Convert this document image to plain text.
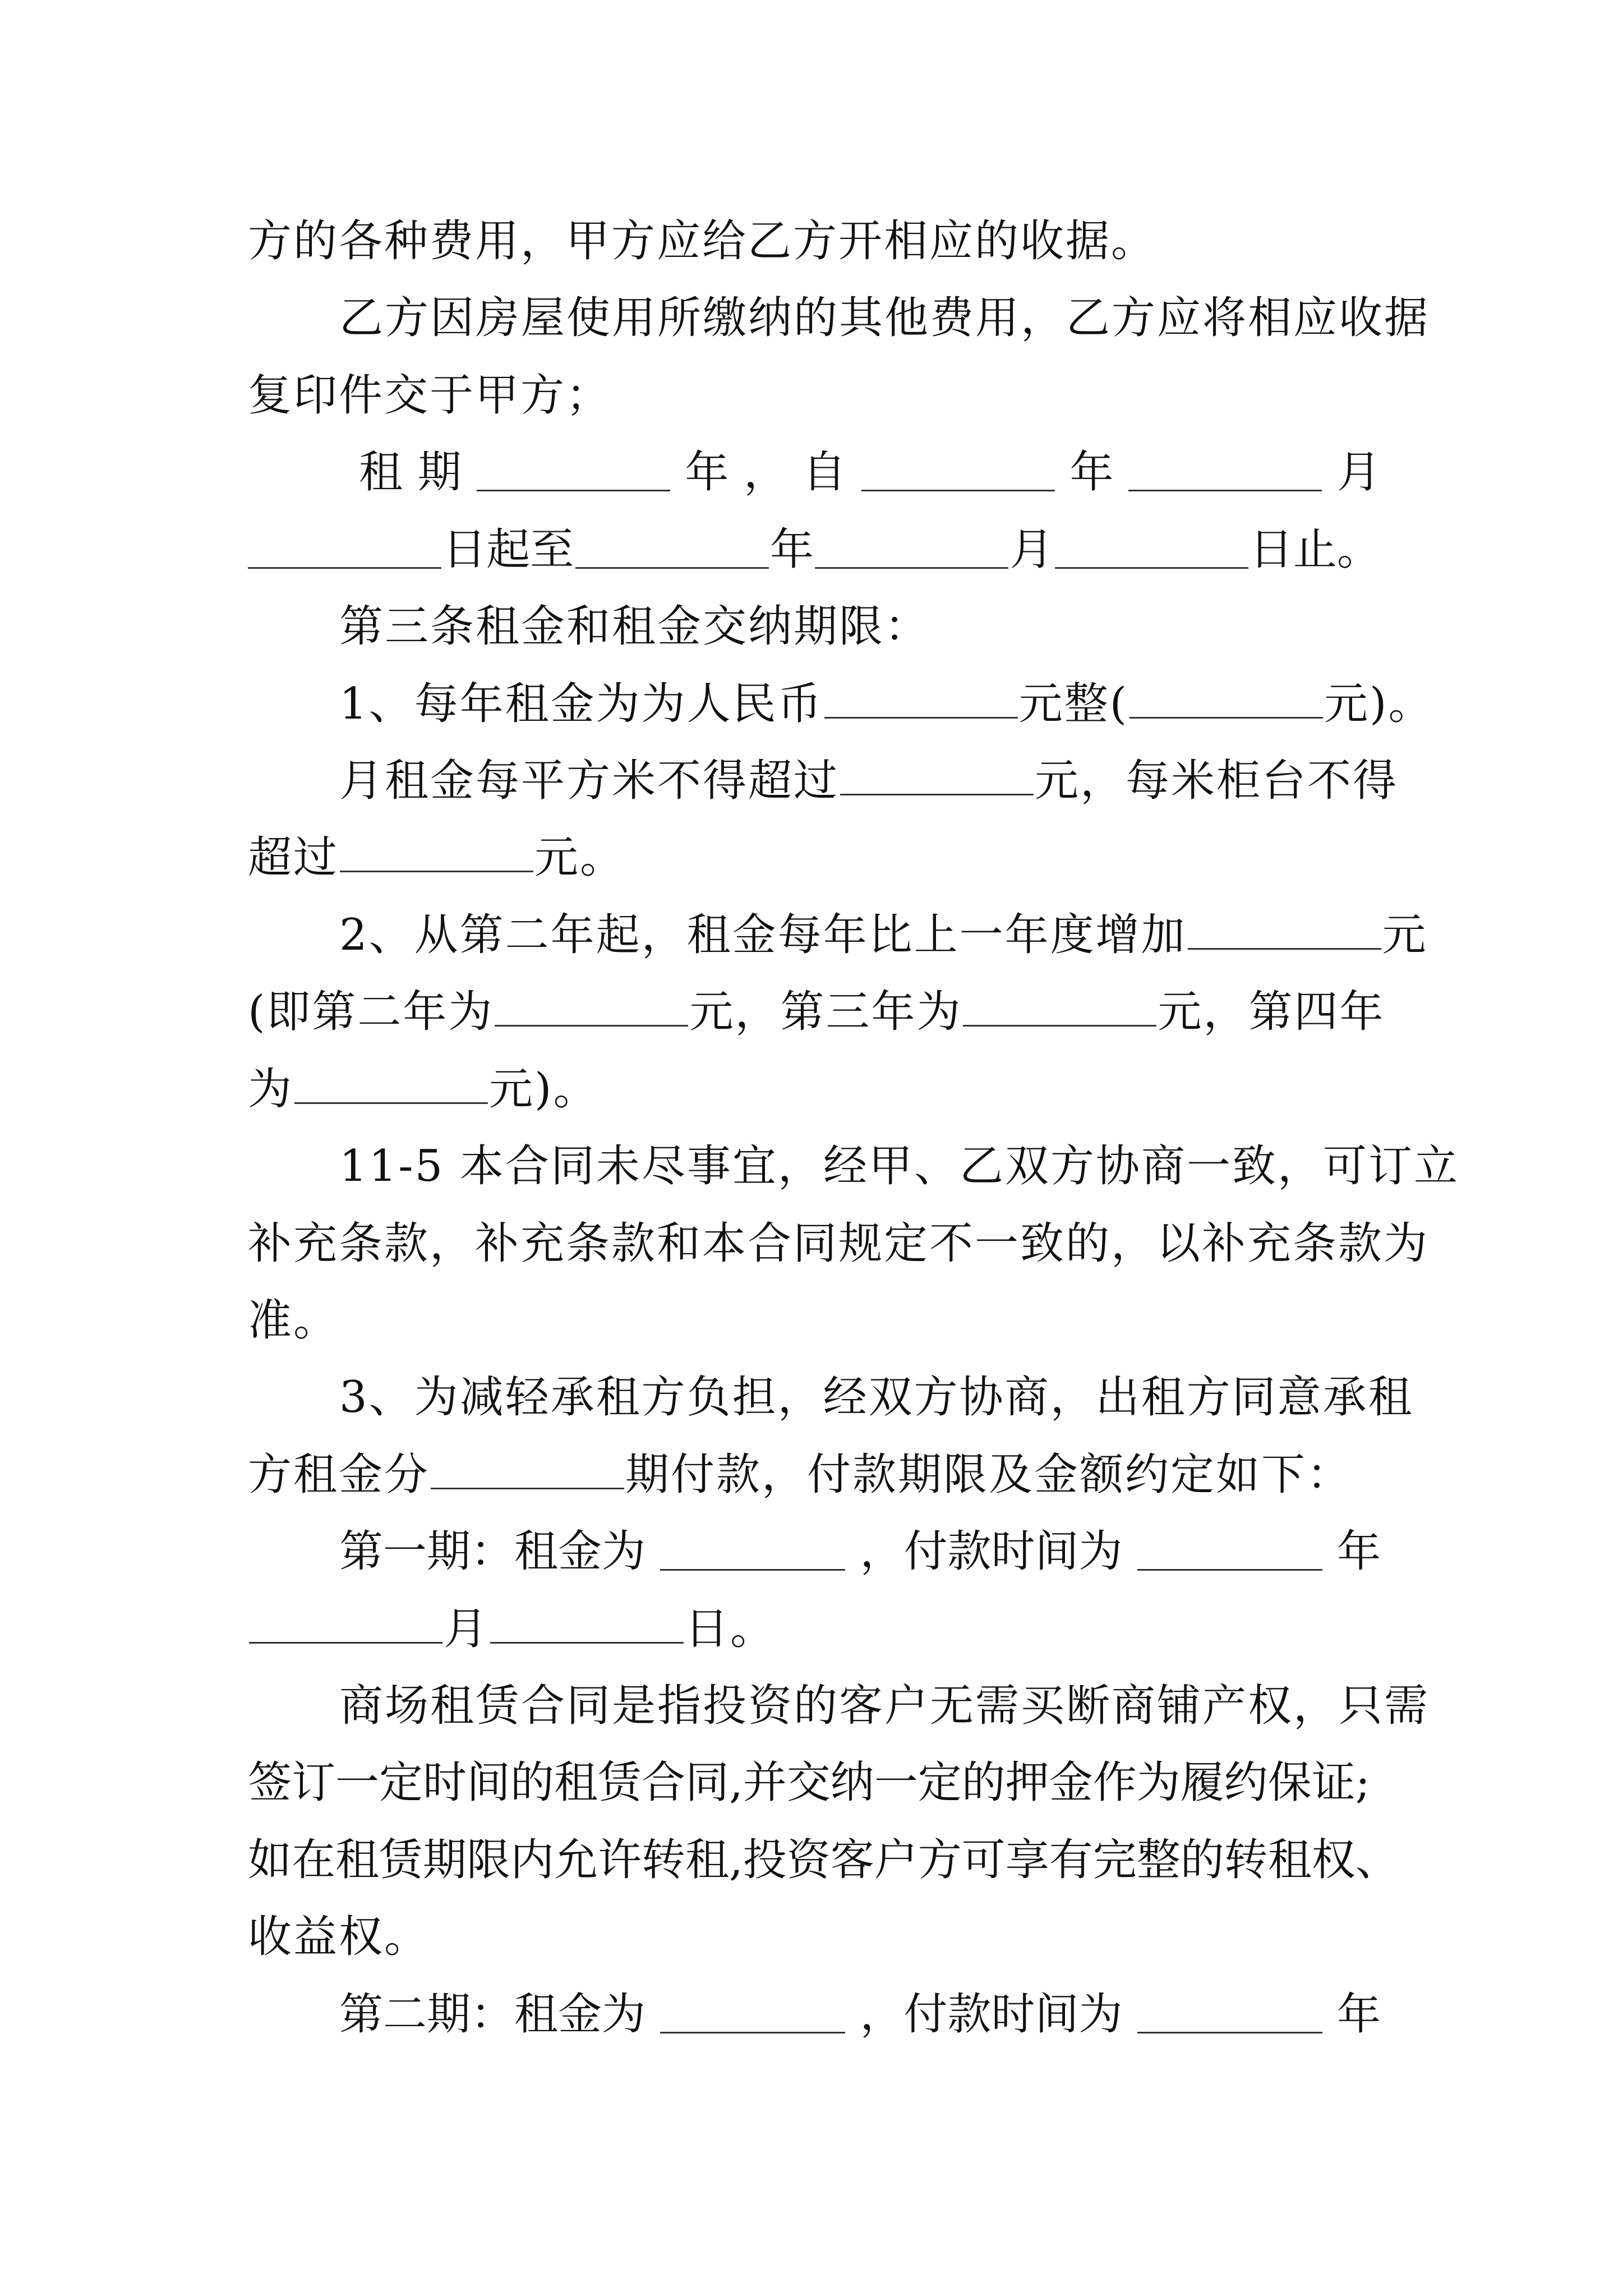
方的各种费用，甲方应给乙方开相应的收据。
乙方因房屋使用所缴纳的其他费用，乙方应将相应收据
复印件交于甲方；
租 期	年 ， 自	年	月
日起至	年	月	日止。
第三条租金和租金交纳期限：
1、每年租金为为人民币	元整(	元)。
月租金每平方米不得超过	元，每米柜台不得
超过	元。
2、从第二年起，租金每年比上一年度增加	元
(即第二年为	元，第三年为	元，第四年
为	元)。
11-5 本合同未尽事宜，经甲、乙双方协商一致，可订立
补充条款，补充条款和本合同规定不一致的，以补充条款为
准。
3、为减轻承租方负担，经双方协商，出租方同意承租
方租金分	期付款，付款期限及金额约定如下：
第一期：租金为	，付款时间为	年
月	日。
商场租赁合同是指投资的客户无需买断商铺产权，只需
签订一定时间的租赁合同,并交纳一定的押金作为履约保证;
如在租赁期限内允许转租,投资客户方可享有完整的转租权、
收益权。
第二期：租金为	，付款时间为	年
